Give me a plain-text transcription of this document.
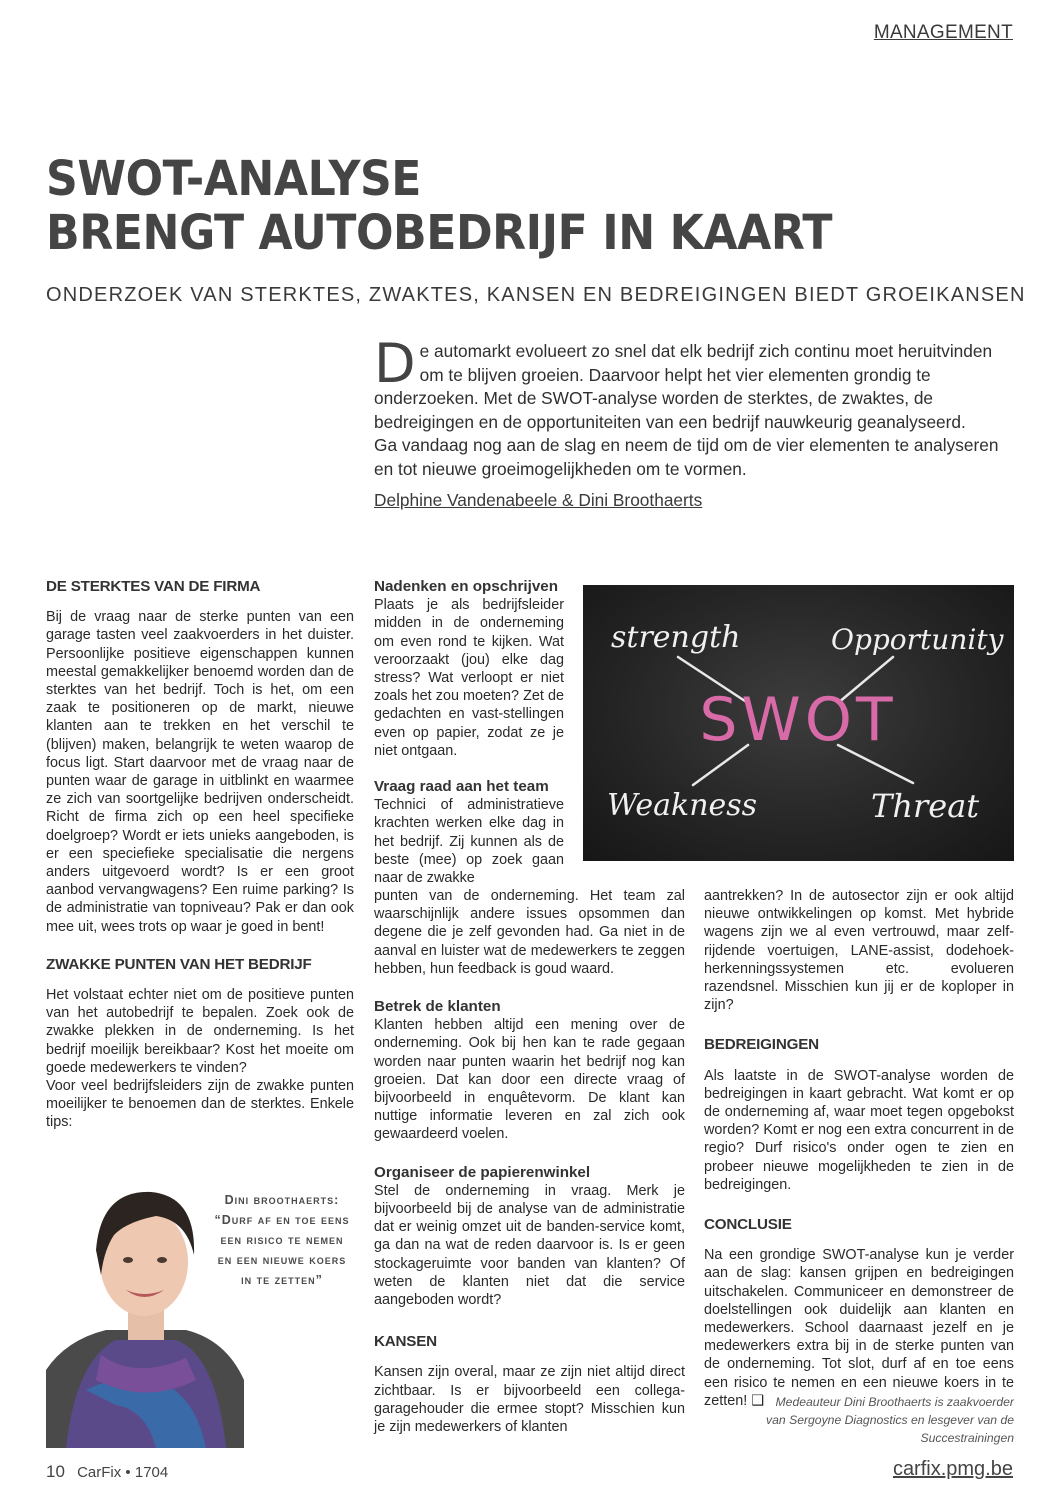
MANAGEMENT
SWOT-ANALYSE
BRENGT AUTOBEDRIJF IN KAART
ONDERZOEK VAN STERKTES, ZWAKTES, KANSEN EN BEDREIGINGEN BIEDT GROEIKANSEN
D e automarkt evolueert zo snel dat elk bedrijf zich continu moet heruitvinden om te blijven groeien. Daarvoor helpt het vier elementen grondig te onderzoeken. Met de SWOT-analyse worden de sterktes, de zwaktes, de bedreigingen en de opportuniteiten van een bedrijf nauwkeurig geanalyseerd.
Ga vandaag nog aan de slag en neem de tijd om de vier elementen te analyseren en tot nieuwe groeimogelijkheden om te vormen.
Delphine Vandenabeele & Dini Broothaerts
DE STERKTES VAN DE FIRMA

Bij de vraag naar de sterke punten van een garage tasten veel zaakvoerders in het duister. Persoonlijke positieve eigenschappen kunnen meestal gemakkelijker benoemd worden dan de sterktes van het bedrijf. Toch is het, om een zaak te positioneren op de markt, nieuwe klanten aan te trekken en het verschil te (blijven) maken, belangrijk te weten waarop de focus ligt. Start daarvoor met de vraag naar de punten waar de garage in uitblinkt en waarmee ze zich van soortgelijke bedrijven onderscheidt. Richt de firma zich op een heel specifieke doelgroep? Wordt er iets unieks aangeboden, is er een speciefieke specialisatie die nergens anders uitgevoerd wordt? Is er een groot aanbod vervangwagens? Een ruime parking? Is de administratie van topniveau? Pak er dan ook mee uit, wees trots op waar je goed in bent!

ZWAKKE PUNTEN VAN HET BEDRIJF

Het volstaat echter niet om de positieve punten van het autobedrijf te bepalen. Zoek ook de zwakke plekken in de onderneming. Is het bedrijf moeilijk bereikbaar? Kost het moeite om goede medewerkers te vinden?

Voor veel bedrijfsleiders zijn de zwakke punten moeilijker te benoemen dan de sterktes. Enkele tips:

Dini broothaerts: “Durf af en toe eens een risico te nemen en een nieuwe koers in te zetten”
Nadenken en opschrijven

Plaats je als bedrijfsleider midden in de onderneming om even rond te kijken. Wat veroorzaakt (jou) elke dag stress? Wat verloopt er niet zoals het zou moeten? Zet de gedachten en vast-stellingen even op papier, zodat ze je niet ontgaan.

Vraag raad aan het team

Technici of administratieve krachten werken elke dag in het bedrijf. Zij kunnen als de beste (mee) op zoek gaan naar de zwakke

SWOT
strength	Opportunity
Weakness	Threat

punten van de onderneming. Het team zal waarschijnlijk andere issues opsommen dan degene die je zelf gevonden had. Ga niet in de aanval en luister wat de medewerkers te zeggen hebben, hun feedback is goud waard.

Betrek de klanten

Klanten hebben altijd een mening over de onderneming. Ook bij hen kan te rade gegaan worden naar punten waarin het bedrijf nog kan groeien. Dat kan door een directe vraag of bijvoorbeeld in enquêtevorm. De klant kan nuttige informatie leveren en zal zich ook gewaardeerd voelen.

Organiseer de papierenwinkel

Stel de onderneming in vraag. Merk je bijvoorbeeld bij de analyse van de administratie dat er weinig omzet uit de banden-service komt, ga dan na wat de reden daarvoor is. Is er geen stockageruimte voor banden van klanten? Of weten de klanten niet dat die service aangeboden wordt?

KANSEN

Kansen zijn overal, maar ze zijn niet altijd direct zichtbaar. Is er bijvoorbeeld een collega-garagehouder die ermee stopt? Misschien kun je zijn medewerkers of klanten

aantrekken? In de autosector zijn er ook altijd nieuwe ontwikkelingen op komst. Met hybride wagens zijn we al even vertrouwd, maar zelf-rijdende voertuigen, LANE-assist, dodehoek-herkenningssystemen etc. evolueren razendsnel. Misschien kun jij er de koploper in zijn?

BEDREIGINGEN

Als laatste in de SWOT-analyse worden de bedreigingen in kaart gebracht. Wat komt er op de onderneming af, waar moet tegen opgebokst worden? Komt er nog een extra concurrent in de regio? Durf risico's onder ogen te zien en probeer nieuwe mogelijkheden te zien in de bedreigingen.

CONCLUSIE

Na een grondige SWOT-analyse kun je verder aan de slag: kansen grijpen en bedreigingen uitschakelen. Communiceer en demonstreer de doelstellingen ook duidelijk aan klanten en medewerkers. School daarnaast jezelf en je medewerkers extra bij in de sterke punten van de onderneming. Tot slot, durf af en toe eens een risico te nemen en een nieuwe koers in te zetten! ❑ Medeauteur Dini Broothaerts is zaakvoerder van Sergoyne Diagnostics en lesgever van de Succestrainingen
10 CarFix • 1704	carfix.pmg.be
